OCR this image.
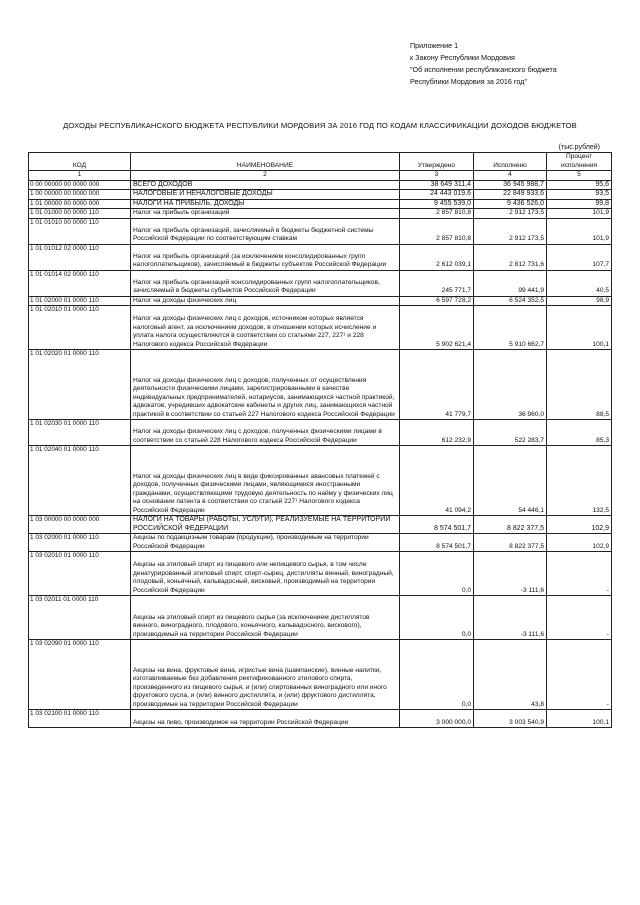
Приложение 1
к Закону Республики Мордовия
"Об исполнении республиканского бюджета
Республики Мордовия за 2016 год"
ДОХОДЫ РЕСПУБЛИКАНСКОГО БЮДЖЕТА РЕСПУБЛИКИ МОРДОВИЯ ЗА 2016 ГОД ПО КОДАМ КЛАССИФИКАЦИИ ДОХОДОВ БЮДЖЕТОВ
(тыс.рублей)
КОД	НАИМЕНОВАНИЕ	Утверждено	Исполнено	Процент исполнения
1	2	3	4	5
0 00 00000 00 0000 000	ВСЕГО ДОХОДОВ	38 649 311,4	36 945 988,7	95,6
1 00 00000 00 0000 000	НАЛОГОВЫЕ И НЕНАЛОГОВЫЕ ДОХОДЫ	24 443 019,6	22 849 933,6	93,5
1 01 00000 00 0000 000	НАЛОГИ НА ПРИБЫЛЬ, ДОХОДЫ	9 455 539,0	9 436 526,0	99,8
1 01 01000 00 0000 110	Налог на прибыль организаций	2 857 810,8	2 912 173,5	101,9
1 01 01010 00 0000 110	Налог на прибыль организаций, зачисляемый в бюджеты бюджетной системы Российской Федерации по соответствующим ставкам	2 857 810,8	2 912 173,5	101,9
1 01 01012 02 0000 110	Налог на прибыль организаций (за исключением консолидированных групп налогоплательщиков), зачисляемый в бюджеты субъектов Российской Федерации	2 612 039,1	2 812 731,6	107,7
1 01 01014 02 0000 110	Налог на прибыль организаций консолидированных групп налогоплательщиков, зачисляемый в бюджеты субъектов Российской Федерации	245 771,7	99 441,9	40,5
1 01 02000 01 0000 110	Налог на доходы физических лиц	6 597 728,2	6 524 352,5	98,9
1 01 02010 01 0000 110	Налог на доходы физических лиц с доходов, источником которых является налоговый агент, за исключением доходов, в отношении которых исчисление и уплата налога осуществляются в соответствии со статьями 227, 227¹ и 228 Налогового кодекса Российской Федерации	5 902 621,4	5 910 662,7	100,1
1 01 02020 01 0000 110	Налог на доходы физических лиц с доходов, полученных от осуществления деятельности физическими лицами, зарегистрированными в качестве индивидуальных предпринимателей, нотариусов, занимающихся частной практикой, адвокатов, учредивших адвокатские кабинеты и других лиц, занимающихся частной практикой в соответствии со статьей 227 Налогового кодекса Российской Федерации	41 779,7	36 960,0	88,5
1 01 02030 01 0000 110	Налог на доходы физических лиц с доходов, полученных физическими лицами в соответствии со статьей 228 Налогового кодекса Российской Федерации	612 232,9	522 283,7	85,3
1 01 02040 01 0000 110	Налог на доходы физических лиц в виде фиксированных авансовых платежей с доходов, полученных физическими лицами, являющимися иностранными гражданами, осуществляющими трудовую деятельность по найму у физических лиц на основании патента в соответствии со статьей 227¹ Налогового кодекса Российской Федерации	41 094,2	54 446,1	132,5
1 03 00000 00 0000 000	НАЛОГИ НА ТОВАРЫ (РАБОТЫ, УСЛУГИ), РЕАЛИЗУЕМЫЕ НА ТЕРРИТОРИИ РОССИЙСКОЙ ФЕДЕРАЦИИ	8 574 501,7	8 822 377,5	102,9
1 03 02000 01 0000 110	Акцизы по подакцизным товарам (продукции), производимым на территории Российской Федерации	8 574 501,7	8 822 377,5	102,9
1 03 02010 01 0000 110	Акцизы на этиловый спирт из пищевого или непищевого сырья, в том числе денатурированный этиловый спирт, спирт-сырец, дистилляты винный, виноградный, плодовый, коньячный, кальвадосный, висковый, производимый на территории Российской Федерации	0,0	-3 111,6	-
1 03 02011 01 0000 110	Акцизы на этиловый спирт из пищевого сырья (за исключением дистиллятов винного, виноградного, плодового, коньячного, кальвадосного, вискового), производимый на территории Российской Федерации	0,0	-3 111,6	-
1 03 02090 01 0000 110	Акцизы на вина, фруктовые вина, игристые вина (шампанские), винные напитки, изготавливаемые без добавления ректификованного этилового спирта, произведенного из пищевого сырья, и (или) спиртованных виноградного или иного фруктового сусла, и (или) винного дистиллята, и (или) фруктового дистиллята, производимые на территории Российской Федерации	0,0	43,8	-
1 03 02100 01 0000 110	Акцизы на пиво, производимое на территории Российской Федерации	3 000 000,0	3 003 540,9	100,1
